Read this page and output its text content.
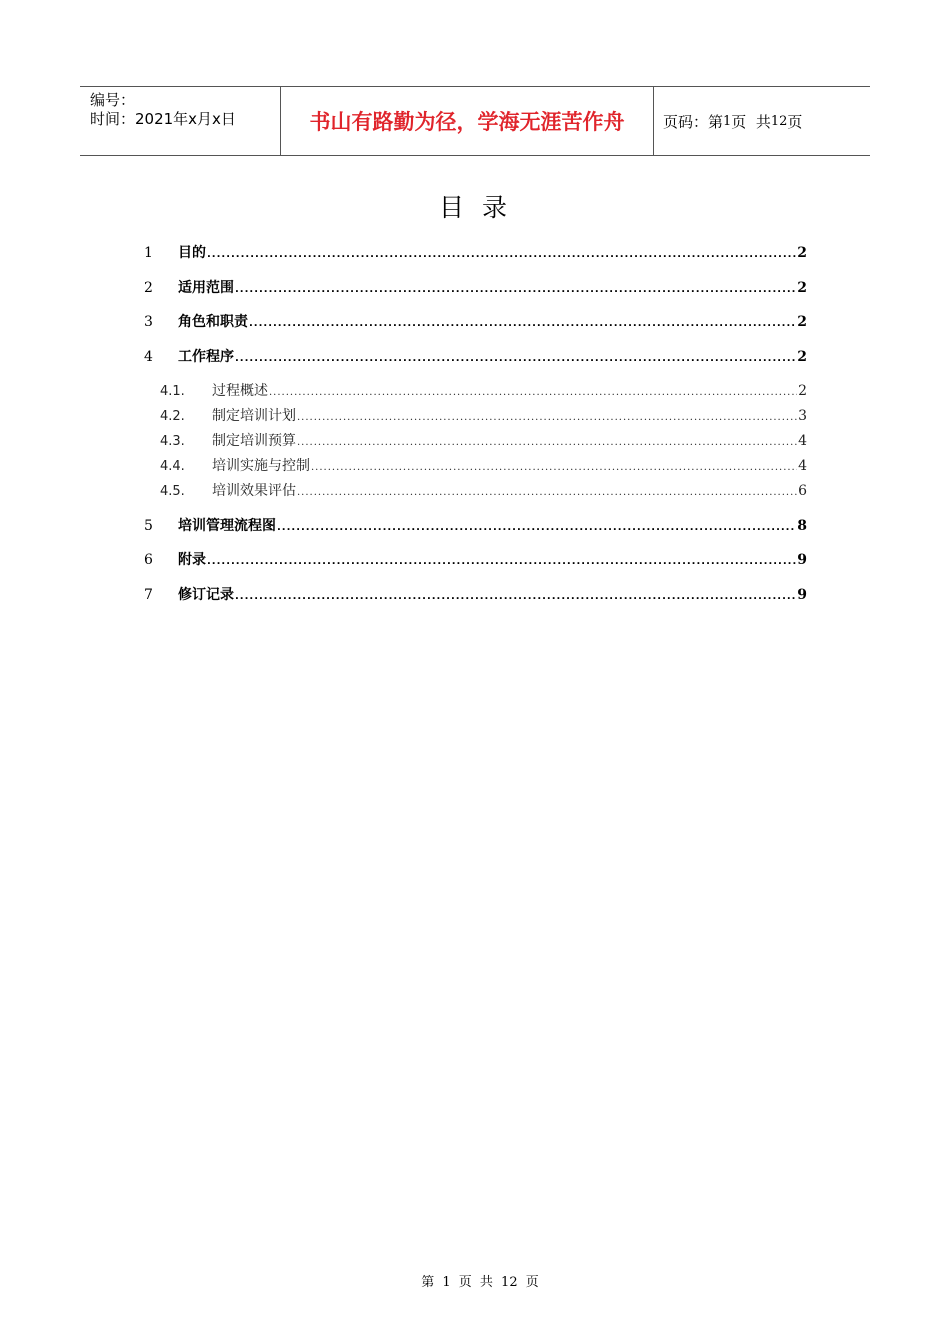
编号：
时间：2021年x月x日	书山有路勤为径，学海无涯苦作舟	页码：第 1 页  共 12 页
目录
1	目的 .....	2
2	适用范围 .....	2
3	角色和职责 .....	2
4	工作程序 .....	2
4.1.	过程概述 .....	2
4.2.	制定培训计划 .....	3
4.3.	制定培训预算 .....	4
4.4.	培训实施与控制 .....	4
4.5.	培训效果评估 .....	6
5	培训管理流程图 .....	8
6	附录 .....	9
7	修订记录 .....	9
第 1 页 共 12 页
